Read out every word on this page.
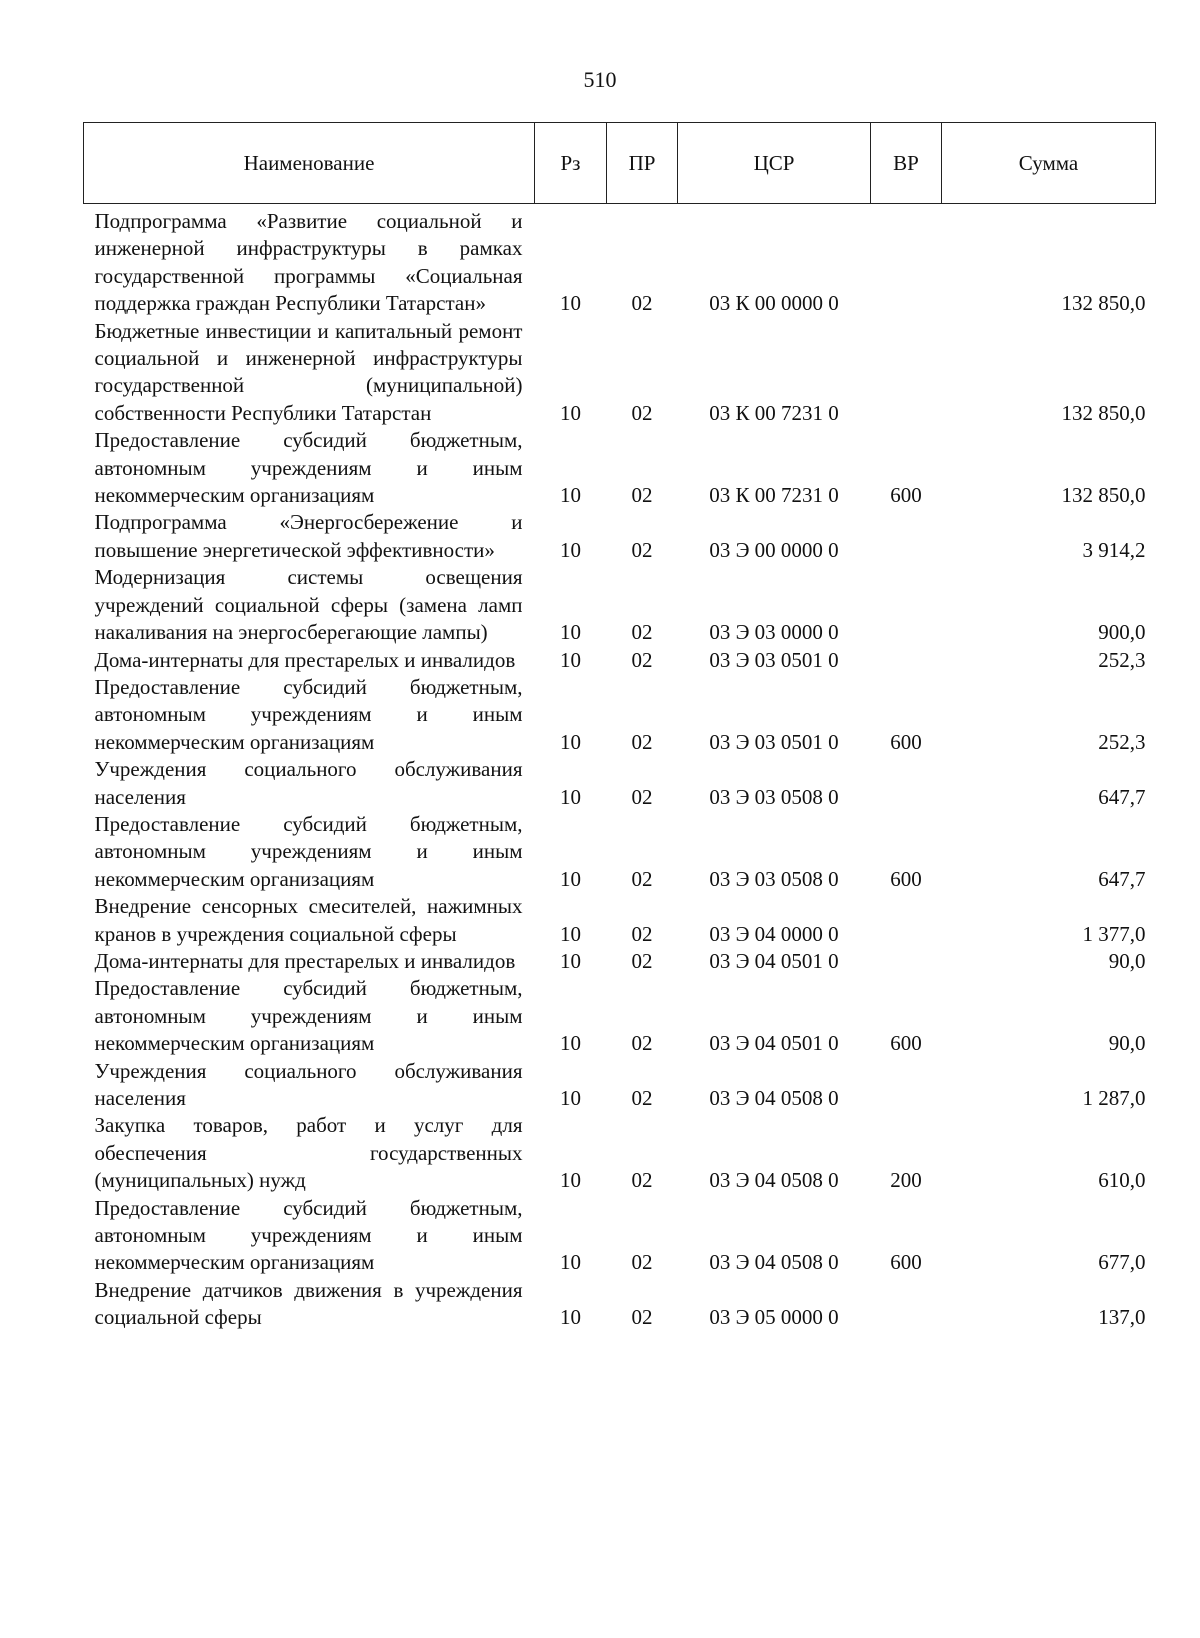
510
Наименование	Рз	ПР	ЦСР	ВР	Сумма
Подпрограмма «Развитие социальной и инженерной инфраструктуры в рамках государственной программы «Социальная поддержка граждан Республики Татарстан»	10	02	03 К 00 0000 0		132 850,0
Бюджетные инвестиции и капитальный ремонт социальной и инженерной инфраструктуры государственной (муниципальной) собственности Республики Татарстан	10	02	03 К 00 7231 0		132 850,0
Предоставление субсидий бюджетным, автономным учреждениям и иным некоммерческим организациям	10	02	03 К 00 7231 0	600	132 850,0
Подпрограмма «Энергосбережение и повышение энергетической эффективности»	10	02	03 Э 00 0000 0		3 914,2
Модернизация системы освещения учреждений социальной сферы (замена ламп накаливания на энергосберегающие лампы)	10	02	03 Э 03 0000 0		900,0
Дома-интернаты для престарелых и инвалидов	10	02	03 Э 03 0501 0		252,3
Предоставление субсидий бюджетным, автономным учреждениям и иным некоммерческим организациям	10	02	03 Э 03 0501 0	600	252,3
Учреждения социального обслуживания населения	10	02	03 Э 03 0508 0		647,7
Предоставление субсидий бюджетным, автономным учреждениям и иным некоммерческим организациям	10	02	03 Э 03 0508 0	600	647,7
Внедрение сенсорных смесителей, нажимных кранов в учреждения социальной сферы	10	02	03 Э 04 0000 0		1 377,0
Дома-интернаты для престарелых и инвалидов	10	02	03 Э 04 0501 0		90,0
Предоставление субсидий бюджетным, автономным учреждениям и иным некоммерческим организациям	10	02	03 Э 04 0501 0	600	90,0
Учреждения социального обслуживания населения	10	02	03 Э 04 0508 0		1 287,0
Закупка товаров, работ и услуг для обеспечения государственных (муниципальных) нужд	10	02	03 Э 04 0508 0	200	610,0
Предоставление субсидий бюджетным, автономным учреждениям и иным некоммерческим организациям	10	02	03 Э 04 0508 0	600	677,0
Внедрение датчиков движения в учреждения социальной сферы	10	02	03 Э 05 0000 0		137,0
